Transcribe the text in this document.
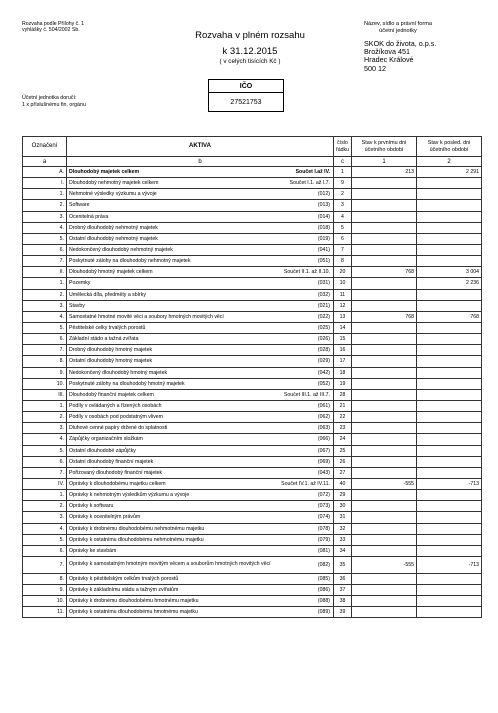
Rozvaha podle Přílohy č. 1
vyhlášky č. 504/2002 Sb.	Rozvaha v plném rozsahu
k 31.12.2015
( v celých tisících Kč )
Název, sídlo a právní forma
účetní jednotky
SKOK do života, o.p.s.
Brožíkova 451
Hradec Králové
500 12
IČO
27521753
Účetní jednotka doručí:
1 x příslušnému fin. orgánu
Označení	AKTIVA	číslo řádku	Stav k prvnímu dni účetního období	Stav k posled. dni účetního období
a	b	c	1	2
A.	Dlouhodobý majetek celkem Součet I.až IV.	1	213	2 291
I.	Dlouhodobý nehmotný majetek celkem Součet I.1. až I.7.	9		
1.	Nehmotné výsledky výzkumu a vývoje (012)	2		
2.	Software (013)	3		
3.	Ocenitelná práva (014)	4		
4.	Drobný dlouhodobý nehmotný majetek (018)	5		
5.	Ostatní dlouhodobý nehmotný majetek (019)	6		
6.	Nedokončený dlouhodobý nehmotný majetek (041)	7		
7.	Poskytnuté zálohy na dlouhodobý nehmotný majetek (051)	8		
II.	Dlouhodobý hmotný majetek celkem Součet II.1. až II.10.	20	768	3 004
1.	Pozemky (031)	10		2 236
2.	Umělecká díla, předměty a sbírky (032)	11		
3.	Stavby (021)	12		
4.	Samostatné hmotné movité věci a soubory hmotných movitých věcí (022)	13	768	768
5.	Pěstitelské celky trvalých porostů (025)	14		
6.	Základní stádo a tažná zvířata (026)	15		
7.	Drobný dlouhodobý hmotný majetek (028)	16		
8.	Ostatní dlouhodobý hmotný majetek (029)	17		
9.	Nedokončený dlouhodobý hmotný majetek (042)	18		
10.	Poskytnuté zálohy na dlouhodobý hmotný majetek (052)	19		
III.	Dlouhodobý finanční majetek celkem Součet III.1. až III.7.	28		
1.	Podíly v ovládaných a řízených osobách (061)	21		
2.	Podíly v osobách pod podstatným vlivem (062)	22		
3.	Dluhové cenné papíry držené do splatnosti (063)	23		
4.	Zápůjčky organizačním složkám (066)	24		
5.	Ostatní dlouhodobé zápůjčky (067)	25		
6.	Ostatní dlouhodobý finanční majetek (069)	26		
7.	Pořizovaný dlouhodobý finanční majetek (043)	27		
IV.	Oprávky k dlouhodobému majetku celkem Součet IV.1. až IV.11.	40	-555	-713
1.	Oprávky k nehmotným výsledkům výzkumu a vývoje (072)	29		
2.	Oprávky k softwaru (073)	30		
3.	Oprávky k ocenitelným právům (074)	31		
4.	Oprávky k drobnému dlouhodobému nehmotnému majetku (078)	32		
5.	Oprávky k ostatnímu dlouhodobému nehmotnému majetku (079)	33		
6.	Oprávky ke stavbám (081)	34		
7.	Oprávky k samostatným hmotným movitým věcem a souborům hmotných movitých věcí (082)	35	-555	-713
8.	Oprávky k pěstitelským celkům trvalých porostů (085)	36		
9.	Oprávky k základnímu stádu a tažným zvířatům (086)	37		
10.	Oprávky k drobnému dlouhodobému hmotnému majetku (088)	38		
11.	Oprávky k ostatnímu dlouhodobému hmotnému majetku (089)	39		
